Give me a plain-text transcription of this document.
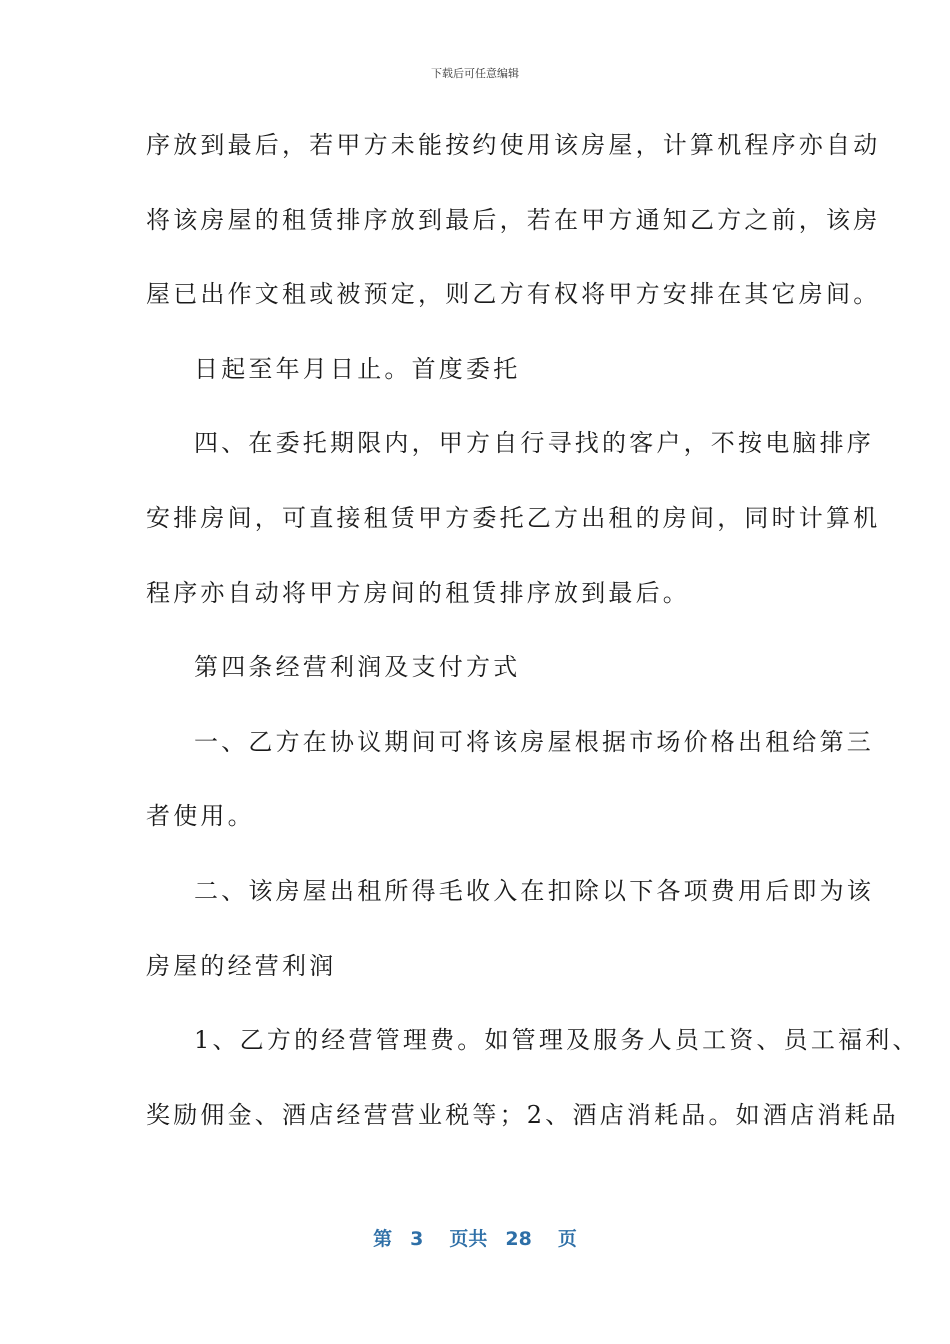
下载后可任意编辑
序放到最后，若甲方未能按约使用该房屋，计算机程序亦自动
将该房屋的租赁排序放到最后，若在甲方通知乙方之前，该房
屋已出作文租或被预定，则乙方有权将甲方安排在其它房间。
日起至年月日止。首度委托
四、在委托期限内，甲方自行寻找的客户，不按电脑排序
安排房间，可直接租赁甲方委托乙方出租的房间，同时计算机
程序亦自动将甲方房间的租赁排序放到最后。
第四条经营利润及支付方式
一、乙方在协议期间可将该房屋根据市场价格出租给第三
者使用。
二、该房屋出租所得毛收入在扣除以下各项费用后即为该
房屋的经营利润
1、乙方的经营管理费。如管理及服务人员工资、员工福利、
奖励佣金、酒店经营营业税等；2、酒店消耗品。如酒店消耗品
第 3 页共 28 页
